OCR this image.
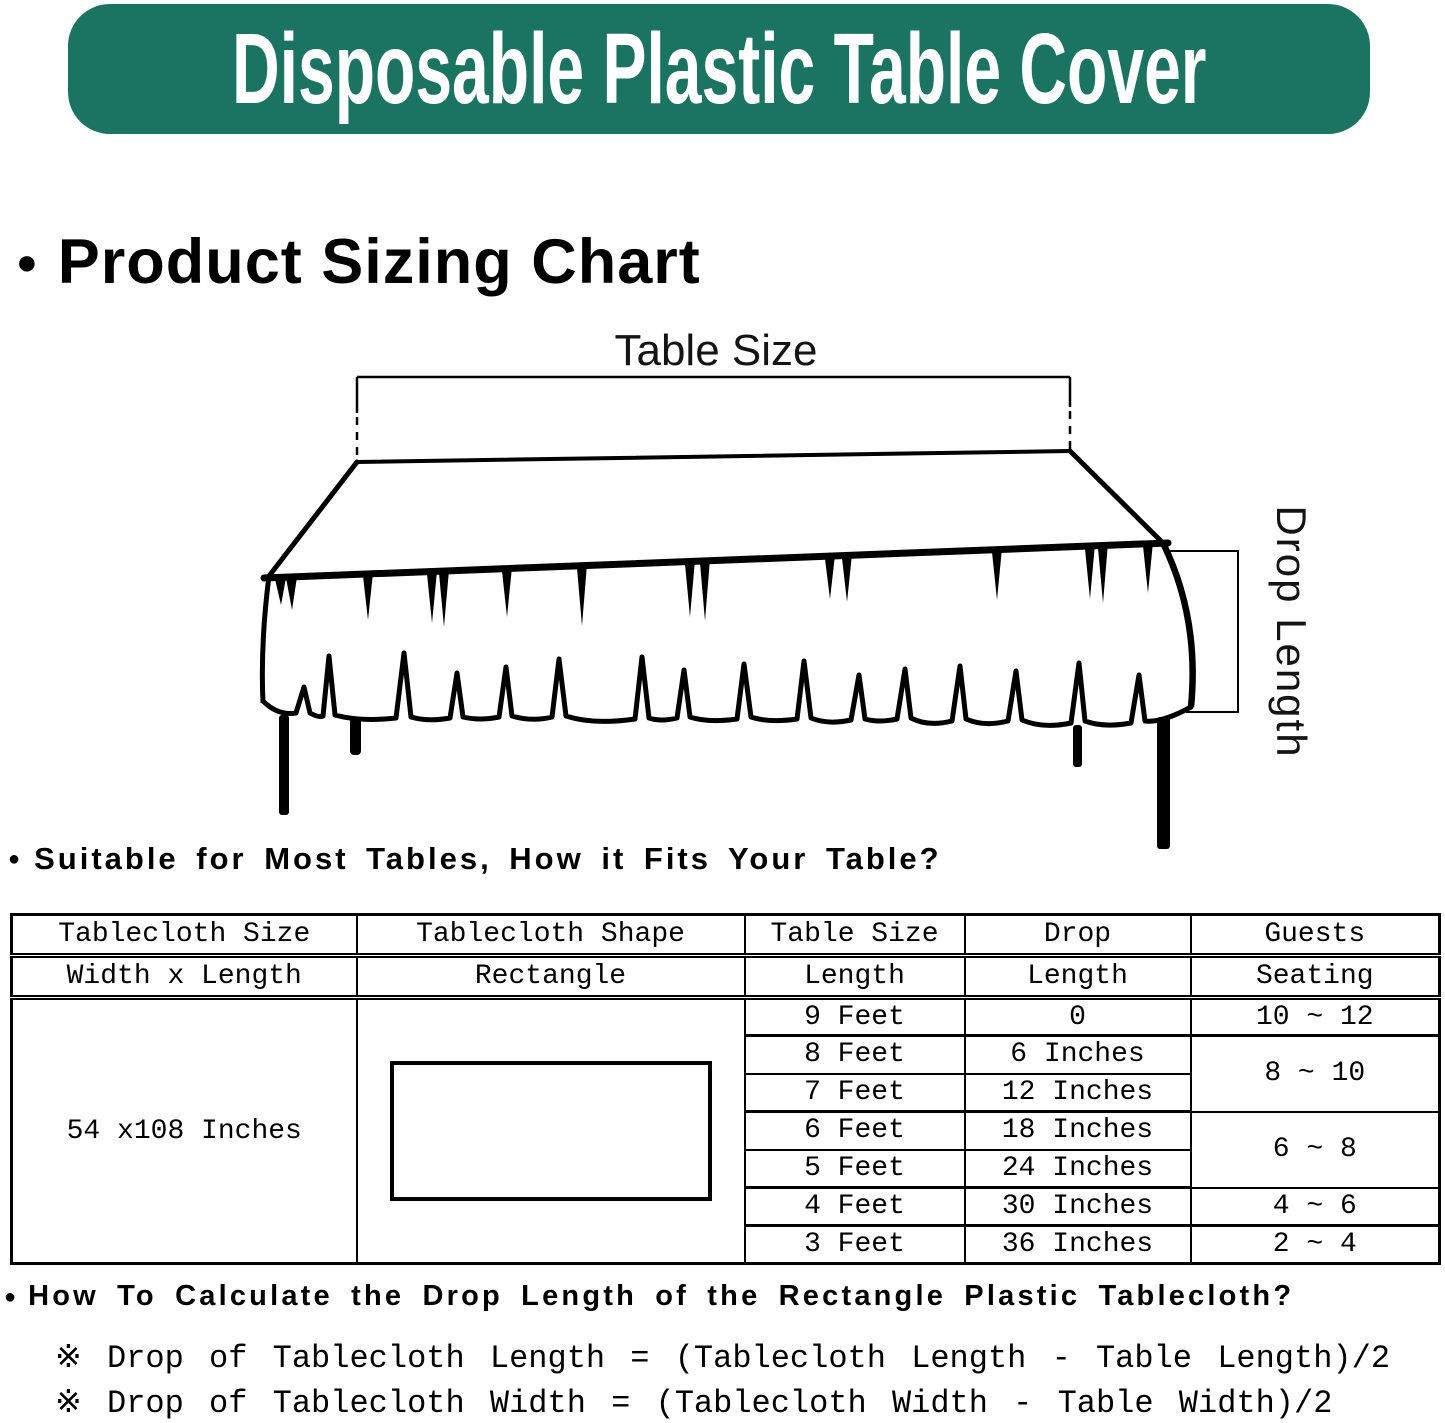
Disposable Plastic Table Cover
● Product Sizing Chart
Table Size
Drop Length
● Suitable for Most Tables, How it Fits Your Table?
Tablecloth Size	Tablecloth Shape	Table Size	Drop	Guests
Width x Length	Rectangle	Length	Length	Seating
54 x108 Inches		9 Feet	0	10 ~ 12
		8 Feet	6 Inches	8 ~ 10
		7 Feet	12 Inches	
		6 Feet	18 Inches	6 ~ 8
		5 Feet	24 Inches	
		4 Feet	30 Inches	4 ~ 6
		3 Feet	36 Inches	2 ~ 4
● How To Calculate the Drop Length of the Rectangle Plastic Tablecloth?
※ Drop of Tablecloth Length = (Tablecloth Length - Table Length)/2
※ Drop of Tablecloth Width = (Tablecloth Width - Table Width)/2
